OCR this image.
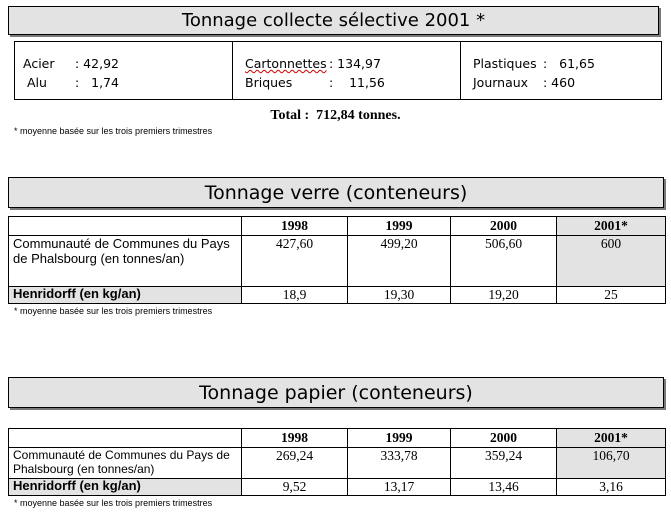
Tonnage collecte sélective 2001 *
Acier	: 42,92
Alu	:   1,74
Cartonnettes : 134,97
Briques	:    11,56
Plastiques :   61,65
Journaux	: 460
Total :  712,84 tonnes.
* moyenne basée sur les trois premiers trimestres
Tonnage verre (conteneurs)
	1998	1999	2000	2001*
Communauté de Communes du Pays de Phalsbourg (en tonnes/an)	427,60	499,20	506,60	600
Henridorff (en kg/an)	18,9	19,30	19,20	25
* moyenne basée sur les trois premiers trimestres
Tonnage papier (conteneurs)
	1998	1999	2000	2001*
Communauté de Communes du Pays de Phalsbourg (en tonnes/an)	269,24	333,78	359,24	106,70
Henridorff (en kg/an)	9,52	13,17	13,46	3,16
* moyenne basée sur les trois premiers trimestres
